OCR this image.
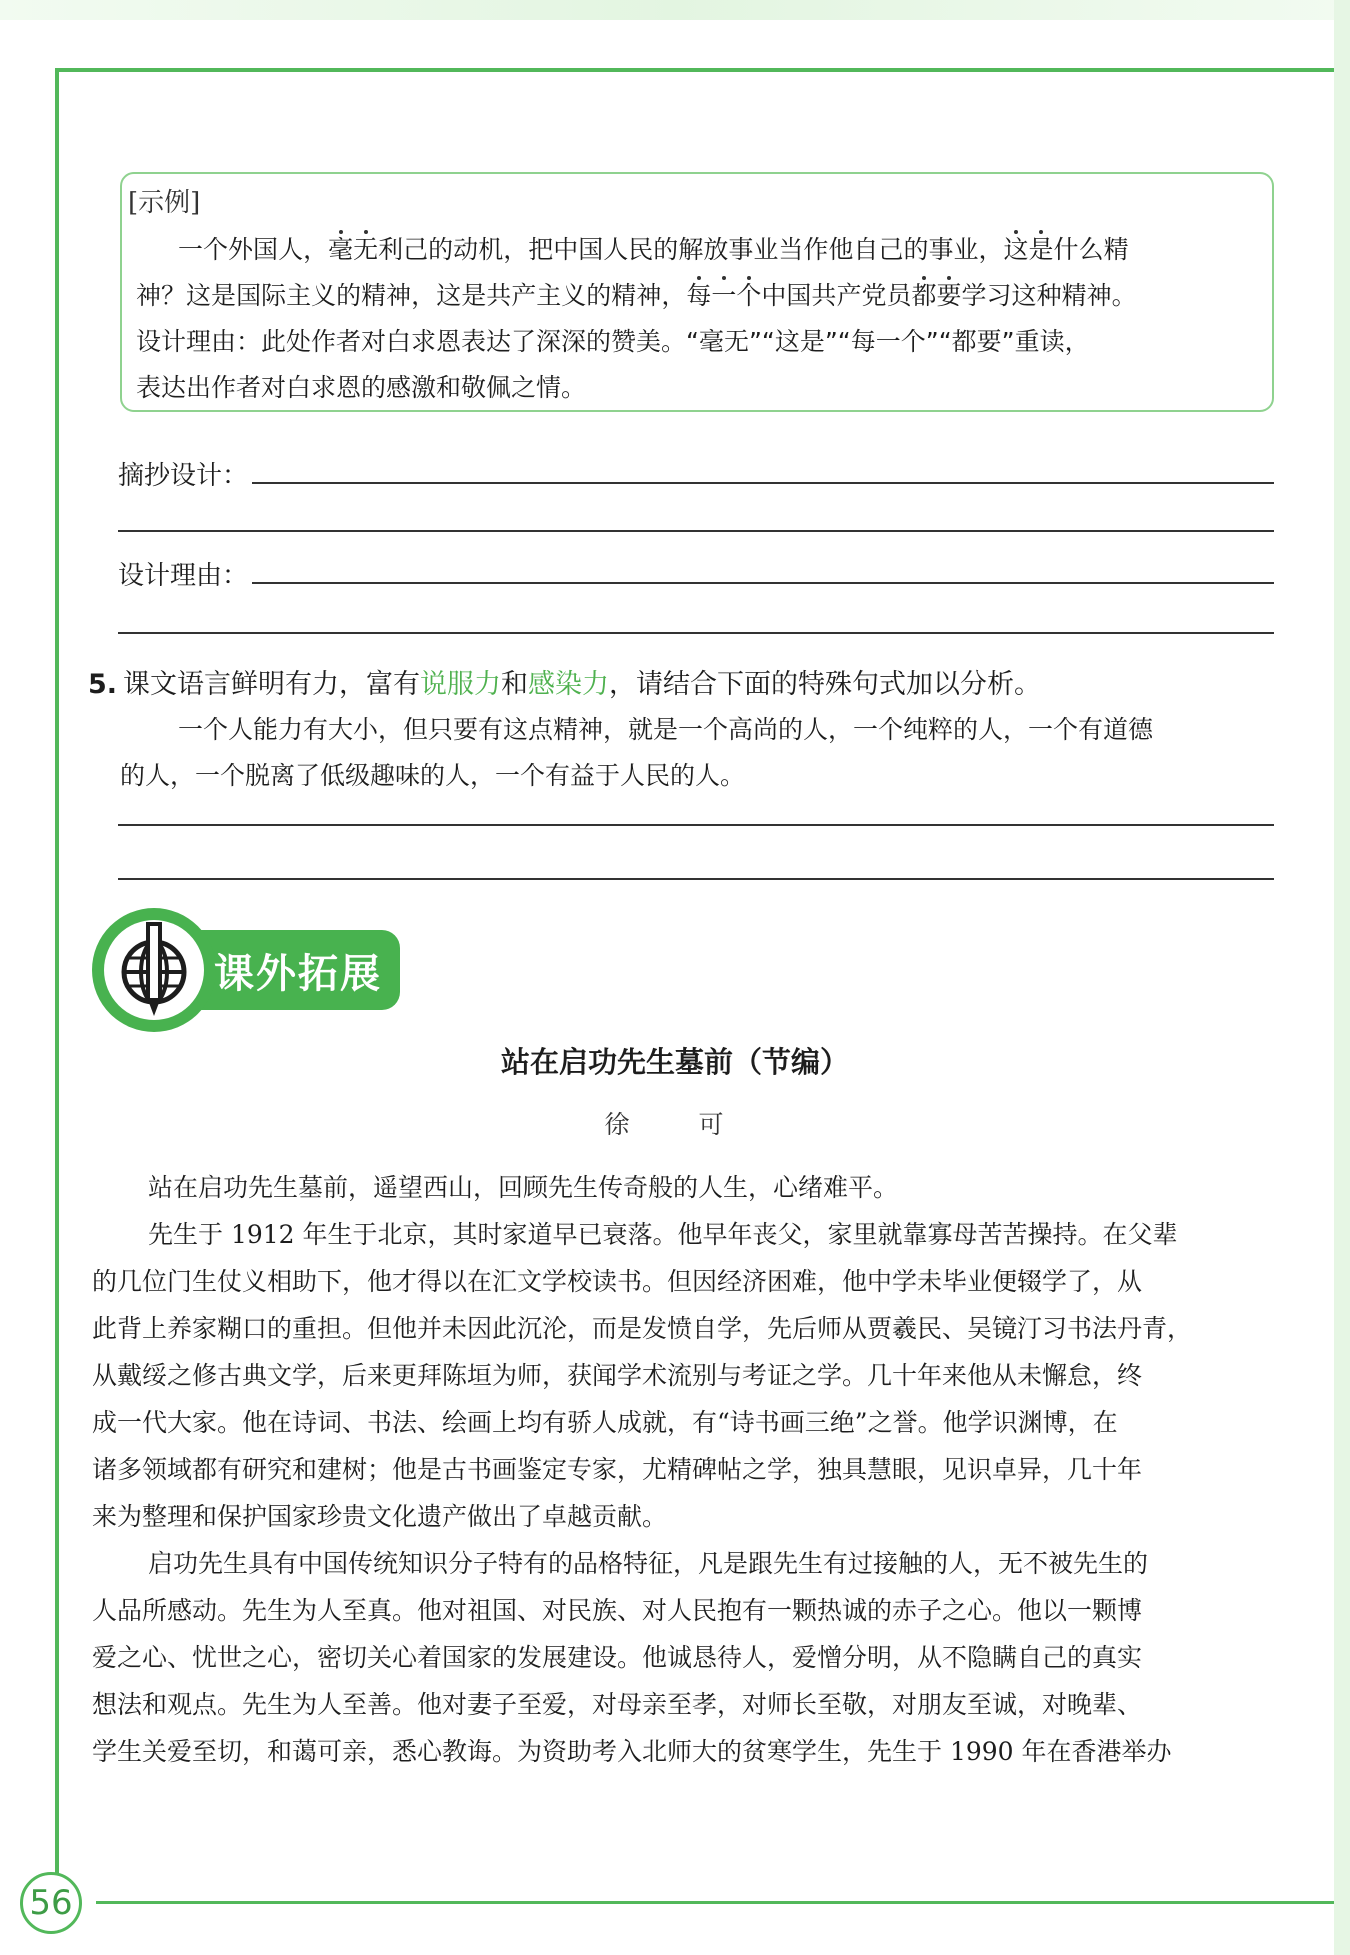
[示例]
一个外国人，毫无利己的动机，把中国人民的解放事业当作他自己的事业，这是什么精
神？这是国际主义的精神，这是共产主义的精神，每一个中国共产党员都要学习这种精神。
设计理由：此处作者对白求恩表达了深深的赞美。“毫无”“这是”“每一个”“都要”重读，
表达出作者对白求恩的感激和敬佩之情。
摘抄设计：
设计理由：
5. 课文语言鲜明有力，富有说服力和感染力，请结合下面的特殊句式加以分析。
一个人能力有大小，但只要有这点精神，就是一个高尚的人，一个纯粹的人，一个有道德
的人，一个脱离了低级趣味的人，一个有益于人民的人。
课外拓展
站在启功先生墓前（节编）
徐　可
站在启功先生墓前，遥望西山，回顾先生传奇般的人生，心绪难平。
先生于 1912 年生于北京，其时家道早已衰落。他早年丧父，家里就靠寡母苦苦操持。在父辈
的几位门生仗义相助下，他才得以在汇文学校读书。但因经济困难，他中学未毕业便辍学了，从
此背上养家糊口的重担。但他并未因此沉沦，而是发愤自学，先后师从贾羲民、吴镜汀习书法丹青，
从戴绥之修古典文学，后来更拜陈垣为师，获闻学术流别与考证之学。几十年来他从未懈怠，终
成一代大家。他在诗词、书法、绘画上均有骄人成就，有“诗书画三绝”之誉。他学识渊博，在
诸多领域都有研究和建树；他是古书画鉴定专家，尤精碑帖之学，独具慧眼，见识卓异，几十年
来为整理和保护国家珍贵文化遗产做出了卓越贡献。
启功先生具有中国传统知识分子特有的品格特征，凡是跟先生有过接触的人，无不被先生的
人品所感动。先生为人至真。他对祖国、对民族、对人民抱有一颗热诚的赤子之心。他以一颗博
爱之心、忧世之心，密切关心着国家的发展建设。他诚恳待人，爱憎分明，从不隐瞒自己的真实
想法和观点。先生为人至善。他对妻子至爱，对母亲至孝，对师长至敬，对朋友至诚，对晚辈、
学生关爱至切，和蔼可亲，悉心教诲。为资助考入北师大的贫寒学生，先生于 1990 年在香港举办
56
